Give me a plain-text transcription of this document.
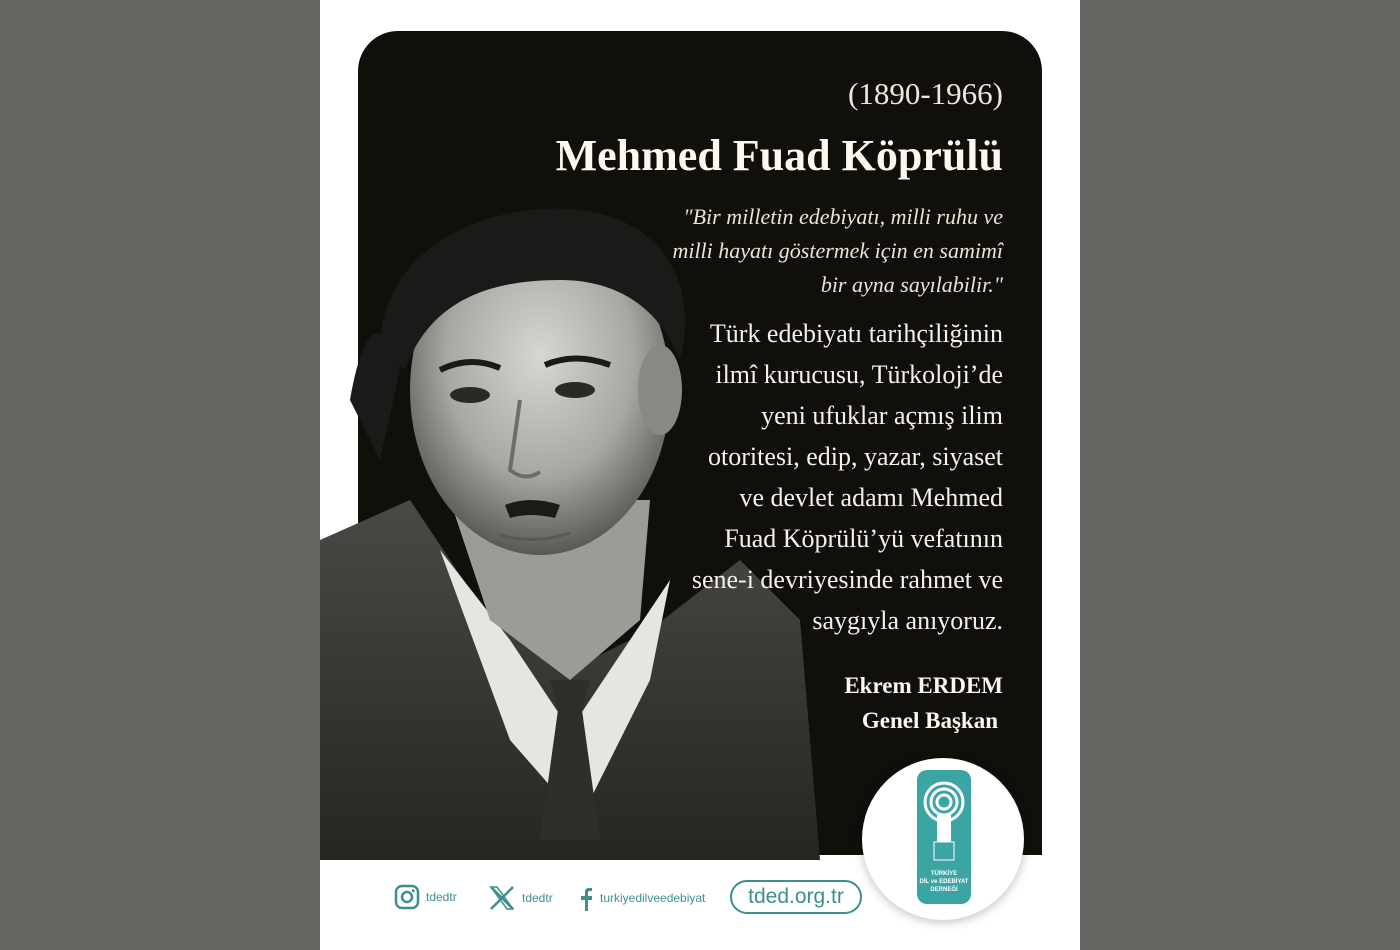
(1890-1966)
Mehmed Fuad Köprülü
"Bir milletin edebiyatı, milli ruhu ve
milli hayatı göstermek için en samimî
bir ayna sayılabilir."
Türk edebiyatı tarihçiliğinin
ilmî kurucusu, Türkoloji’de
yeni ufuklar açmış ilim
otoritesi, edip, yazar, siyaset
ve devlet adamı Mehmed
Fuad Köprülü’yü vefatının
sene-i devriyesinde rahmet ve
saygıyla anıyoruz.
Ekrem ERDEM
Genel Başkan
TÜRKİYE
DİL ve EDEBİYAT
DERNEĞİ
tdedtr	tdedtr	turkiyedilveedebiyat	tded.org.tr
